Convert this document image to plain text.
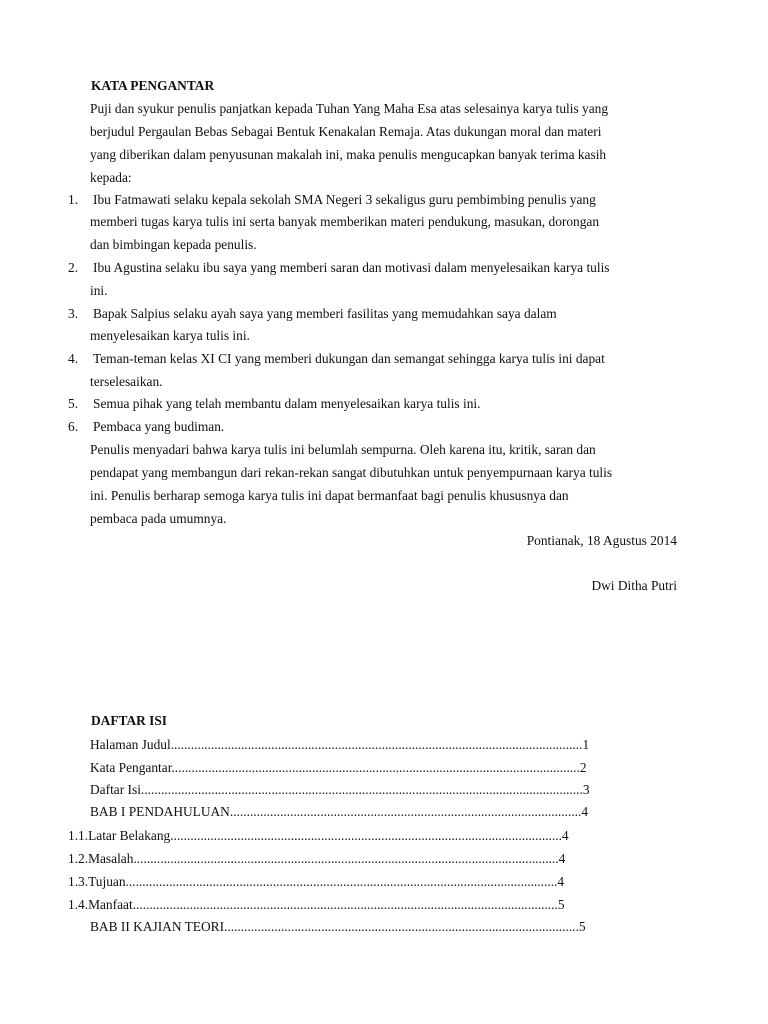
KATA PENGANTAR
Puji dan syukur penulis panjatkan kepada Tuhan Yang Maha Esa atas selesainya karya tulis yang
berjudul Pergaulan Bebas Sebagai Bentuk Kenakalan Remaja. Atas dukungan moral dan materi
yang diberikan dalam penyusunan makalah ini, maka penulis mengucapkan banyak terima kasih
kepada:
1. Ibu Fatmawati selaku kepala sekolah SMA Negeri 3 sekaligus guru pembimbing penulis yang
memberi tugas karya tulis ini serta banyak memberikan materi pendukung, masukan, dorongan
dan bimbingan kepada penulis.
2. Ibu Agustina selaku ibu saya yang memberi saran dan motivasi dalam menyelesaikan karya tulis
ini.
3. Bapak Salpius selaku ayah saya yang memberi fasilitas yang memudahkan saya dalam
menyelesaikan karya tulis ini.
4. Teman-teman kelas XI CI yang memberi dukungan dan semangat sehingga karya tulis ini dapat
terselesaikan.
5. Semua pihak yang telah membantu dalam menyelesaikan karya tulis ini.
6. Pembaca yang budiman.
Penulis menyadari bahwa karya tulis ini belumlah sempurna. Oleh karena itu, kritik, saran dan
pendapat yang membangun dari rekan-rekan sangat dibutuhkan untuk penyempurnaan karya tulis
ini. Penulis berharap semoga karya tulis ini dapat bermanfaat bagi penulis khususnya dan
pembaca pada umumnya.
Pontianak, 18 Agustus 2014
Dwi Ditha Putri
DAFTAR ISI
Halaman Judul...........................................................................................................................1
Kata Pengantar..........................................................................................................................2
Daftar Isi....................................................................................................................................3
BAB I PENDAHULUAN.........................................................................................................4
1.1.Latar Belakang.....................................................................................................................4
1.2.Masalah...............................................................................................................................4
1.3.Tujuan.................................................................................................................................4
1.4.Manfaat...............................................................................................................................5
BAB II KAJIAN TEORI..........................................................................................................5
